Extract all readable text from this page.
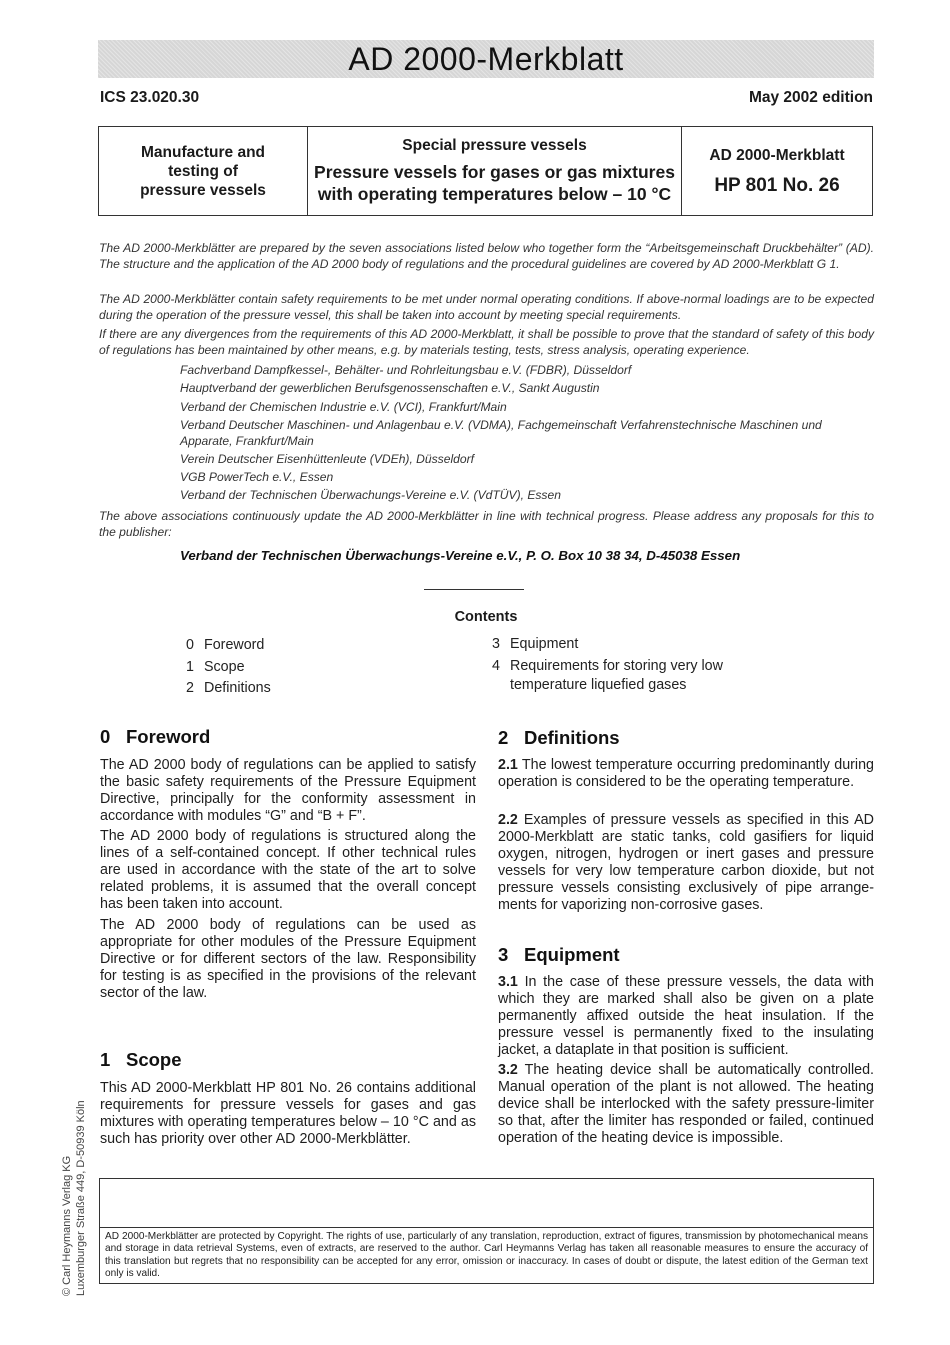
AD 2000-Merkblatt
ICS 23.020.30	May 2002 edition
Manufacture and
testing of
pressure vessels
Special pressure vessels
Pressure vessels for gases or gas mixtures
with operating temperatures below – 10 °C
AD 2000-Merkblatt
HP 801 No. 26

The AD 2000-Merkblätter are prepared by the seven associations listed below who together form the “Arbeitsgemeinschaft Druckbehälter” (AD). The structure and the application of the AD 2000 body of regulations and the procedural guidelines are covered by AD 2000-Merkblatt G 1.

The AD 2000-Merkblätter contain safety requirements to be met under normal operating conditions. If above-normal loadings are to be expected during the operation of the pressure vessel, this shall be taken into account by meeting special requirements.

If there are any divergences from the requirements of this AD 2000-Merkblatt, it shall be possible to prove that the standard of safety of this body of regulations has been maintained by other means, e.g. by materials testing, tests, stress analysis, operating experience.

Fachverband Dampfkessel-, Behälter- und Rohrleitungsbau e.V. (FDBR), Düsseldorf

Hauptverband der gewerblichen Berufsgenossenschaften e.V., Sankt Augustin

Verband der Chemischen Industrie e.V. (VCI), Frankfurt/Main

Verband Deutscher Maschinen- und Anlagenbau e.V. (VDMA), Fachgemeinschaft Verfahrenstechnische Maschinen und Apparate, Frankfurt/Main

Verein Deutscher Eisenhüttenleute (VDEh), Düsseldorf

VGB PowerTech e.V., Essen

Verband der Technischen Überwachungs-Vereine e.V. (VdTÜV), Essen

The above associations continuously update the AD 2000-Merkblätter in line with technical progress. Please address any proposals for this to the publisher:

Verband der Technischen Überwachungs-Vereine e.V., P. O. Box 10 38 34, D-45038 Essen
Contents
0 Foreword
1 Scope
2 Definitions
3 Equipment
4 Requirements for storing very low temperature liquefied gases
0 Foreword

The AD 2000 body of regulations can be applied to satisfy the basic safety requirements of the Pressure Equipment Directive, principally for the conformity assessment in accordance with modules “G” and “B + F”.

The AD 2000 body of regulations is structured along the lines of a self-contained concept. If other technical rules are used in accordance with the state of the art to solve related problems, it is assumed that the overall concept has been taken into account.

The AD 2000 body of regulations can be used as appropriate for other modules of the Pressure Equipment Directive or for different sectors of the law. Responsibility for testing is as specified in the provisions of the relevant sector of the law.

1 Scope

This AD 2000-Merkblatt HP 801 No. 26 contains additional requirements for pressure vessels for gases and gas mixtures with operating temperatures below – 10 °C and as such has priority over other AD 2000-Merkblätter.

2 Definitions

2.1 The lowest temperature occurring predominantly during operation is considered to be the operating temperature.

2.2 Examples of pressure vessels as specified in this AD 2000-Merkblatt are static tanks, cold gasifiers for liquid oxygen, nitrogen, hydrogen or inert gases and pressure vessels for very low temperature carbon dioxide, but not pressure vessels consisting exclusively of pipe arrange- ments for vaporizing non-corrosive gases.

3 Equipment

3.1 In the case of these pressure vessels, the data with which they are marked shall also be given on a plate permanently affixed outside the heat insulation. If the pressure vessel is permanently fixed to the insulating jacket, a dataplate in that position is sufficient.

3.2 The heating device shall be automatically controlled. Manual operation of the plant is not allowed. The heating device shall be interlocked with the safety pressure-limiter so that, after the limiter has responded or failed, continued operation of the heating device is impossible.

© Carl Heymanns Verlag KG Luxemburger Straße 449, D-50939 Köln	AD 2000-Merkblätter are protected by Copyright. The rights of use, particularly of any translation, reproduction, extract of figures, transmission by photomechanical means and storage in data retrieval Systems, even of extracts, are reserved to the author. Carl Heymanns Verlag has taken all reasonable measures to ensure the accuracy of this translation but regrets that no responsibility can be accepted for any error, omission or inaccuracy. In cases of doubt or dispute, the latest edition of the German text only is valid.
